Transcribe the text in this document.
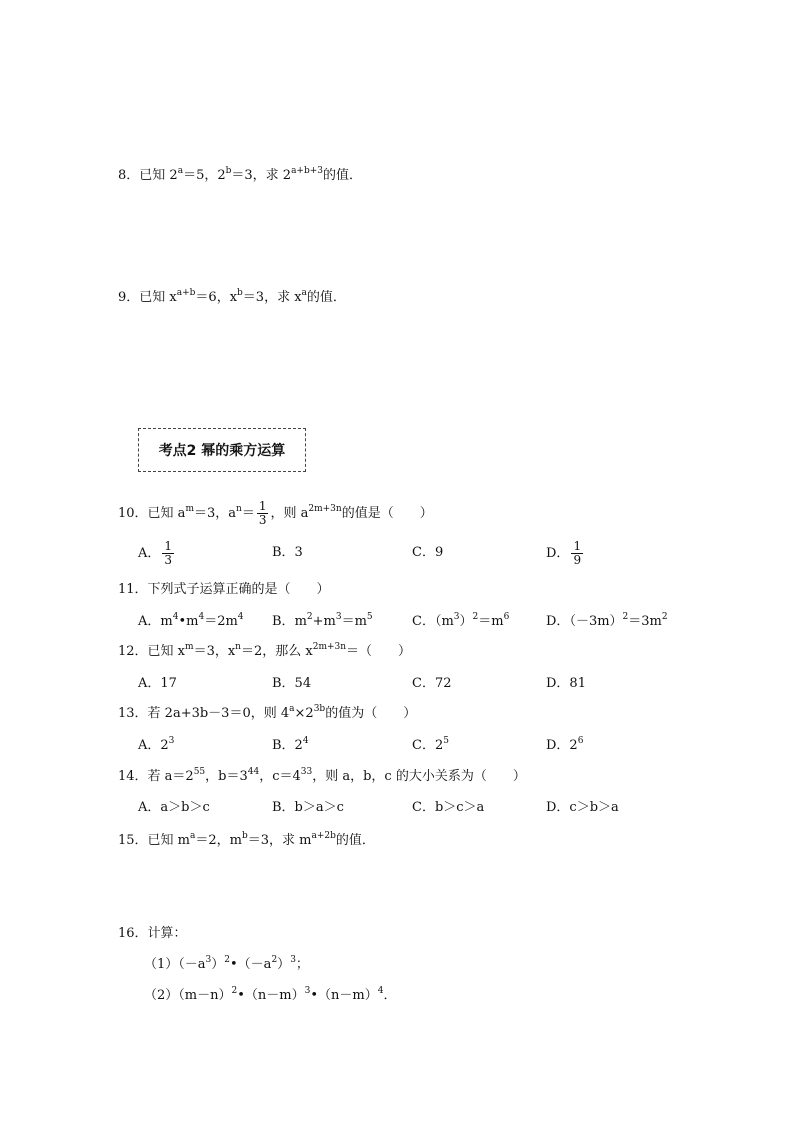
8．已知 $2^a=5$，$2^b=3$，求 $2^{a+b+3}$的值．
9．已知 $x^{a+b}=6$，$x^b=3$，求 $x^a$的值．
考点2 幂的乘方运算
10．已知 $a^m=3$，$a^n= \frac{1}{3}$ ，则 $a^{2m+3n}$的值是（　　）
A． $\frac{1}{3}$	B．3	C．9	D． $\frac{1}{9}$
11．下列式子运算正确的是（　　）
A．$m^4•m^4=2m^4$ B．$m^2+m^3=m^5$	C．$(m^3)^2=m^6$	D．$(-3m)^2=3m^2$
12．已知 $x^m=3$，$x^n=2$，那么 $x^{2m+3n}=$（　　）
A．17	B．54	C．72	D．81
13．若 2a+3b－3＝0，则 $4^a\times 2^{3b}$的值为（　　）
A．$2^3$	B．$2^4$	C．$2^5$	D．$2^6$
14．若 $a=2^{55}$，$b=3^{44}$，$c=4^{33}$，则 a，b，c 的大小关系为（　　）
A．a＞b＞c	B．b＞a＞c	C．b＞c＞a	D．c＞b＞a
15．已知 $m^a=2$，$m^b=3$，求 $m^{a+2b}$的值．
16．计算：
$(1)(-a^3)^2•(-a^2)^3$；
$(2)(m-n)^2•(n-m)^3•(n-m)^4$．
